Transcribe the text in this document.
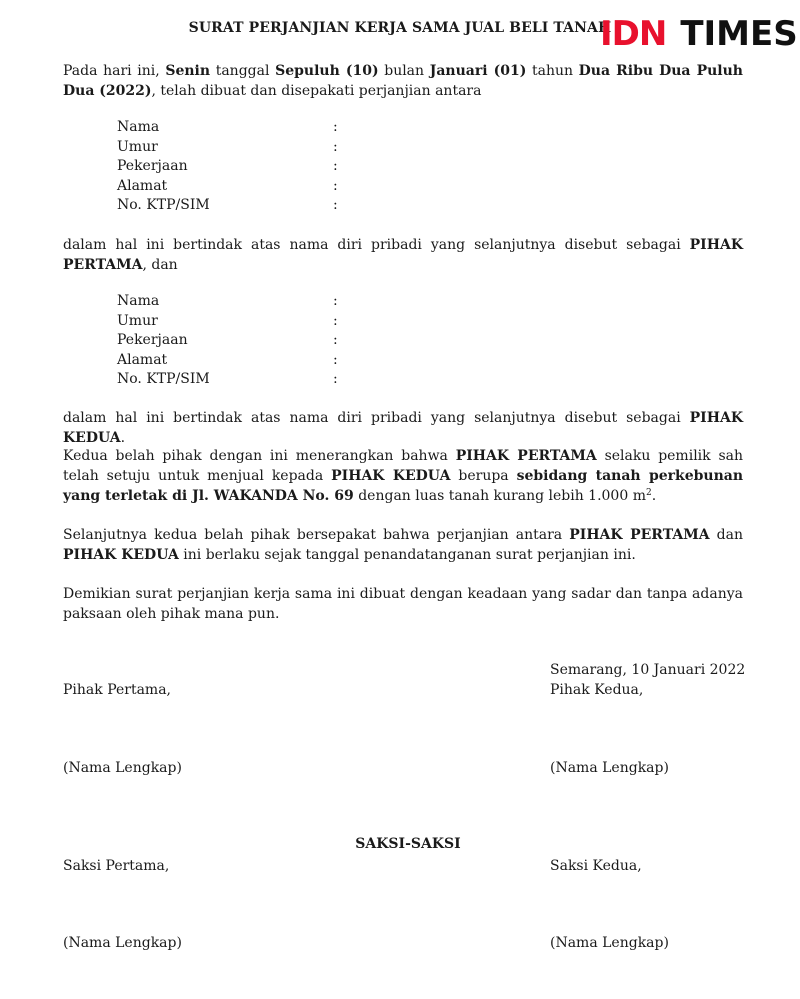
SURAT PERJANJIAN KERJA SAMA JUAL BELI TANAH
IDN TIMES

Pada hari ini, Senin tanggal Sepuluh (10) bulan Januari (01) tahun Dua Ribu Dua Puluh Dua (2022), telah dibuat dan disepakati perjanjian antara

Nama	:
Umur	:
Pekerjaan	:
Alamat	:
No. KTP/SIM	:

dalam hal ini bertindak atas nama diri pribadi yang selanjutnya disebut sebagai PIHAK PERTAMA, dan

Nama	:
Umur	:
Pekerjaan	:
Alamat	:
No. KTP/SIM	:

dalam hal ini bertindak atas nama diri pribadi yang selanjutnya disebut sebagai PIHAK KEDUA.

Kedua belah pihak dengan ini menerangkan bahwa PIHAK PERTAMA selaku pemilik sah telah setuju untuk menjual kepada PIHAK KEDUA berupa sebidang tanah perkebunan yang terletak di Jl. WAKANDA No. 69 dengan luas tanah kurang lebih 1.000 $m^2$.

Selanjutnya kedua belah pihak bersepakat bahwa perjanjian antara PIHAK PERTAMA dan PIHAK KEDUA ini berlaku sejak tanggal penandatanganan surat perjanjian ini.

Demikian surat perjanjian kerja sama ini dibuat dengan keadaan yang sadar dan tanpa adanya paksaan oleh pihak mana pun.

Semarang, 10 Januari 2022
Pihak Pertama,	Pihak Kedua,
(Nama Lengkap)	(Nama Lengkap)
SAKSI-SAKSI
Saksi Pertama,	Saksi Kedua,
(Nama Lengkap)	(Nama Lengkap)
